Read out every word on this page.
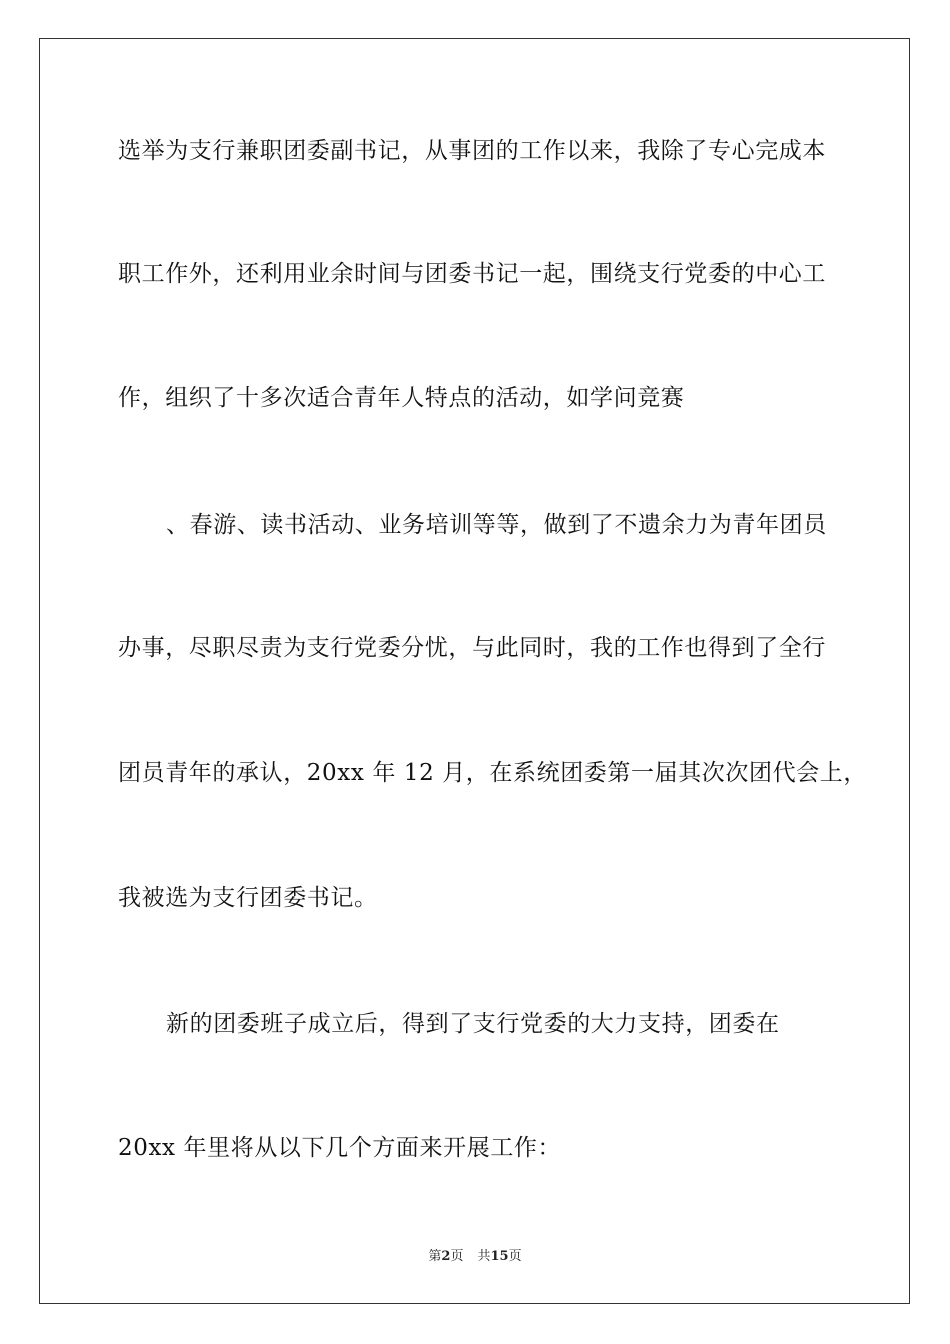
选举为支行兼职团委副书记，从事团的工作以来，我除了专心完成本
职工作外，还利用业余时间与团委书记一起，围绕支行党委的中心工
作，组织了十多次适合青年人特点的活动，如学问竞赛
、春游、读书活动、业务培训等等，做到了不遗余力为青年团员
办事，尽职尽责为支行党委分忧，与此同时，我的工作也得到了全行
团员青年的承认，20xx 年 12 月，在系统团委第一届其次次团代会上，
我被选为支行团委书记。
新的团委班子成立后，得到了支行党委的大力支持，团委在
20xx 年里将从以下几个方面来开展工作：
第2页 共15页
